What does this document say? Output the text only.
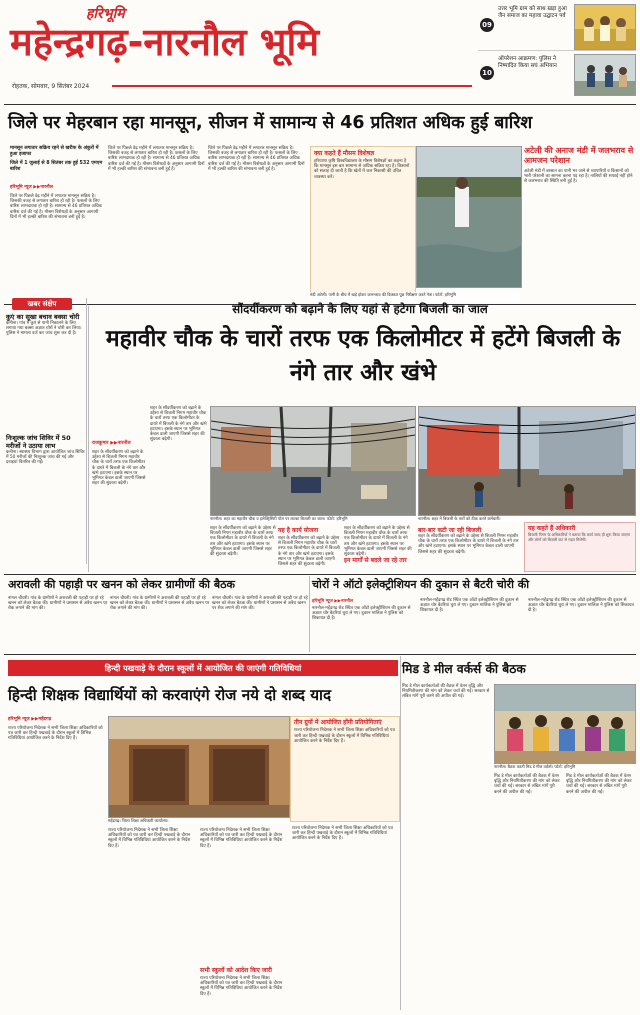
हरिभूमि
महेन्द्रगढ़-नारनौल भूमि
रोहतक, सोमवार, 9 सितंबर 2024
09
उत्तर भूमि ग्राम को साथ खड़ा हुआ जैन समाज का महावा उद्घाटन पर्व
10
ऑपरेशन आक्रमण: पुलिस ने निष्पादित किया सघं अभियान
जिले पर मेहरबान रहा मानसून, सीजन में सामान्य से 46 प्रतिशत अधिक हुई बारिश
मानसून लगातार सक्रिय रहने से खरीफ के अंकुरों में हुआ इजाफा
जिले में 1 जुलाई से 8 सितंबर तक हुई 532 एमएम बारिश
हरिभूमि न्यूज ▶▶नारनौल
जिले पर पिछले डेढ़ महीने में लगातार मानसून सक्रिय है। जिसकी वजह से लगातार बारिश हो रही है। फसलों के लिए बारिश लाभदायक हो रही है। सामान्य से 46 प्रतिशत अधिक बारिश दर्ज की गई है। मौसम विशेषज्ञों के अनुसार आगामी दिनों में भी हल्की बारिश की संभावना बनी हुई है।
जिले पर पिछले डेढ़ महीने में लगातार मानसून सक्रिय है। जिसकी वजह से लगातार बारिश हो रही है। फसलों के लिए बारिश लाभदायक हो रही है। सामान्य से 46 प्रतिशत अधिक बारिश दर्ज की गई है। मौसम विशेषज्ञों के अनुसार आगामी दिनों में भी हल्की बारिश की संभावना बनी हुई है।
जिले पर पिछले डेढ़ महीने में लगातार मानसून सक्रिय है। जिसकी वजह से लगातार बारिश हो रही है। फसलों के लिए बारिश लाभदायक हो रही है। सामान्य से 46 प्रतिशत अधिक बारिश दर्ज की गई है। मौसम विशेषज्ञों के अनुसार आगामी दिनों में भी हल्की बारिश की संभावना बनी हुई है।
क्या कहते हैं मौसम विशेषज्ञ
हरियाणा कृषि विश्वविद्यालय के मौसम विशेषज्ञों का कहना है कि मानसून इस बार सामान्य से अधिक सक्रिय रहा है। किसानों को सलाह दी जाती है कि खेतों में जल निकासी की उचित व्यवस्था करें।
मंडी अटेली। पानी के बीच में खड़े होकर जलभराव की दिक्कत पूछ निरीक्षण करते नेता। फोटो: हरिभूमि
अटेली की अनाज मंडी में जलभराव से आमजन परेशान
अटेली मंडी में बरसात का पानी भर जाने से व्यापारियों व किसानों को भारी परेशानी का सामना करना पड़ रहा है। नालियों की सफाई नहीं होने से जलभराव की स्थिति बनी हुई है।
खबर संक्षेप
कुएं का सूखा बचाव बक्सा चोरी
कनीना। गांव में कुएं से पानी निकालने के लिए लगाया गया बक्सा अज्ञात चोरों ने चोरी कर लिया। पुलिस ने मामला दर्ज कर जांच शुरू कर दी है।
निःशुल्क जांच शिविर में 50 मरीजों ने उठाया लाभ
कनीना। स्वास्थ्य विभाग द्वारा आयोजित जांच शिविर में 50 मरीजों की निःशुल्क जांच की गई और दवाइयां वितरित की गईं।
सौंदर्यीकरण को बढ़ाने के लिए यहां से हटेगा बिजली का जाल
महावीर चौक के चारों तरफ एक किलोमीटर में हटेंगे बिजली के नंगे तार और खंभे
नारनौल। शहर का महावीर चौक व इलेक्ट्रिसिटी पोल पर लटका बिजली का जाल। फोटो: हरिभूमि	नारनौल। शहर में बिजली के तारों को ठीक करते कर्मचारी।
राजकुमार ▶▶नारनौल
शहर के सौंदर्यीकरण को बढ़ाने के उद्देश्य से बिजली निगम महावीर चौक के चारों तरफ एक किलोमीटर के दायरे में बिजली के नंगे तार और खंभे हटाएगा। इसके स्थान पर भूमिगत केबल डाली जाएगी जिससे शहर की सुंदरता बढ़ेगी।
शहर के सौंदर्यीकरण को बढ़ाने के उद्देश्य से बिजली निगम महावीर चौक के चारों तरफ एक किलोमीटर के दायरे में बिजली के नंगे तार और खंभे हटाएगा। इसके स्थान पर भूमिगत केबल डाली जाएगी जिससे शहर की सुंदरता बढ़ेगी।
शहर के सौंदर्यीकरण को बढ़ाने के उद्देश्य से बिजली निगम महावीर चौक के चारों तरफ एक किलोमीटर के दायरे में बिजली के नंगे तार और खंभे हटाएगा। इसके स्थान पर भूमिगत केबल डाली जाएगी जिससे शहर की सुंदरता बढ़ेगी।
यह है कार्य योजना
शहर के सौंदर्यीकरण को बढ़ाने के उद्देश्य से बिजली निगम महावीर चौक के चारों तरफ एक किलोमीटर के दायरे में बिजली के नंगे तार और खंभे हटाएगा। इसके स्थान पर भूमिगत केबल डाली जाएगी जिससे शहर की सुंदरता बढ़ेगी।
शहर के सौंदर्यीकरण को बढ़ाने के उद्देश्य से बिजली निगम महावीर चौक के चारों तरफ एक किलोमीटर के दायरे में बिजली के नंगे तार और खंभे हटाएगा। इसके स्थान पर भूमिगत केबल डाली जाएगी जिससे शहर की सुंदरता बढ़ेगी।
इन मार्गों से बदले जा रहे तार
बार-बार कटी जा रही बिजली
शहर के सौंदर्यीकरण को बढ़ाने के उद्देश्य से बिजली निगम महावीर चौक के चारों तरफ एक किलोमीटर के दायरे में बिजली के नंगे तार और खंभे हटाएगा। इसके स्थान पर भूमिगत केबल डाली जाएगी जिससे शहर की सुंदरता बढ़ेगी।
यह कहते हैं अधिकारी
बिजली निगम के अधिकारियों ने बताया कि कार्य जल्द ही शुरू किया जाएगा और लोगों को बिजली कट से राहत मिलेगी।
अरावली की पहाड़ी पर खनन को लेकर ग्रामीणों की बैठक
नांगल चौधरी। गांव के ग्रामीणों ने अरावली की पहाड़ी पर हो रहे खनन को लेकर बैठक की। ग्रामीणों ने प्रशासन से अवैध खनन पर रोक लगाने की मांग की।
नांगल चौधरी। गांव के ग्रामीणों ने अरावली की पहाड़ी पर हो रहे खनन को लेकर बैठक की। ग्रामीणों ने प्रशासन से अवैध खनन पर रोक लगाने की मांग की।
नांगल चौधरी। गांव के ग्रामीणों ने अरावली की पहाड़ी पर हो रहे खनन को लेकर बैठक की। ग्रामीणों ने प्रशासन से अवैध खनन पर रोक लगाने की मांग की।
चोरों ने ऑटो इलेक्ट्रीशियन की दुकान से बैटरी चोरी की
हरिभूमि न्यूज ▶▶नारनौल
नारनौल-महेंद्रगढ़ रोड स्थित एक ऑटो इलेक्ट्रीशियन की दुकान से अज्ञात चोर बैटरियां चुरा ले गए। दुकान मालिक ने पुलिस को शिकायत दी है।
नारनौल-महेंद्रगढ़ रोड स्थित एक ऑटो इलेक्ट्रीशियन की दुकान से अज्ञात चोर बैटरियां चुरा ले गए। दुकान मालिक ने पुलिस को शिकायत दी है।
नारनौल-महेंद्रगढ़ रोड स्थित एक ऑटो इलेक्ट्रीशियन की दुकान से अज्ञात चोर बैटरियां चुरा ले गए। दुकान मालिक ने पुलिस को शिकायत दी है।
हिन्दी पखवाड़े के दौरान स्कूलों में आयोजित की जाएंगी गतिविधियां
हिन्दी शिक्षक विद्यार्थियों को करवाएंगे रोज नये दो शब्द याद
हरिभूमि न्यूज ▶▶महेंद्रगढ़
राज्य परियोजना निदेशक ने सभी जिला शिक्षा अधिकारियों को पत्र जारी कर हिन्दी पखवाड़े के दौरान स्कूलों में विभिन्न गतिविधियां आयोजित करने के निर्देश दिए हैं।
महेंद्रगढ़। जिला शिक्षा अधिकारी कार्यालय।
तीन ग्रुपों में आयोजित होंगी प्रतियोगिताएं
राज्य परियोजना निदेशक ने सभी जिला शिक्षा अधिकारियों को पत्र जारी कर हिन्दी पखवाड़े के दौरान स्कूलों में विभिन्न गतिविधियां आयोजित करने के निर्देश दिए हैं।
राज्य परियोजना निदेशक ने सभी जिला शिक्षा अधिकारियों को पत्र जारी कर हिन्दी पखवाड़े के दौरान स्कूलों में विभिन्न गतिविधियां आयोजित करने के निर्देश दिए हैं।
राज्य परियोजना निदेशक ने सभी जिला शिक्षा अधिकारियों को पत्र जारी कर हिन्दी पखवाड़े के दौरान स्कूलों में विभिन्न गतिविधियां आयोजित करने के निर्देश दिए हैं।
सभी स्कूलों को आदेश किए जारी
राज्य परियोजना निदेशक ने सभी जिला शिक्षा अधिकारियों को पत्र जारी कर हिन्दी पखवाड़े के दौरान स्कूलों में विभिन्न गतिविधियां आयोजित करने के निर्देश दिए हैं।
राज्य परियोजना निदेशक ने सभी जिला शिक्षा अधिकारियों को पत्र जारी कर हिन्दी पखवाड़े के दौरान स्कूलों में विभिन्न गतिविधियां आयोजित करने के निर्देश दिए हैं।
मिड डे मील वर्कर्स की बैठक
मिड डे मील कार्यकर्ताओं की बैठक में वेतन वृद्धि और नियमितीकरण की मांग को लेकर चर्चा की गई। सरकार से लंबित मांगें पूरी करने की अपील की गई।
नारनौल। बैठक करती मिड डे मील वर्कर्स। फोटो: हरिभूमि
मिड डे मील कार्यकर्ताओं की बैठक में वेतन वृद्धि और नियमितीकरण की मांग को लेकर चर्चा की गई। सरकार से लंबित मांगें पूरी करने की अपील की गई।
मिड डे मील कार्यकर्ताओं की बैठक में वेतन वृद्धि और नियमितीकरण की मांग को लेकर चर्चा की गई। सरकार से लंबित मांगें पूरी करने की अपील की गई।
